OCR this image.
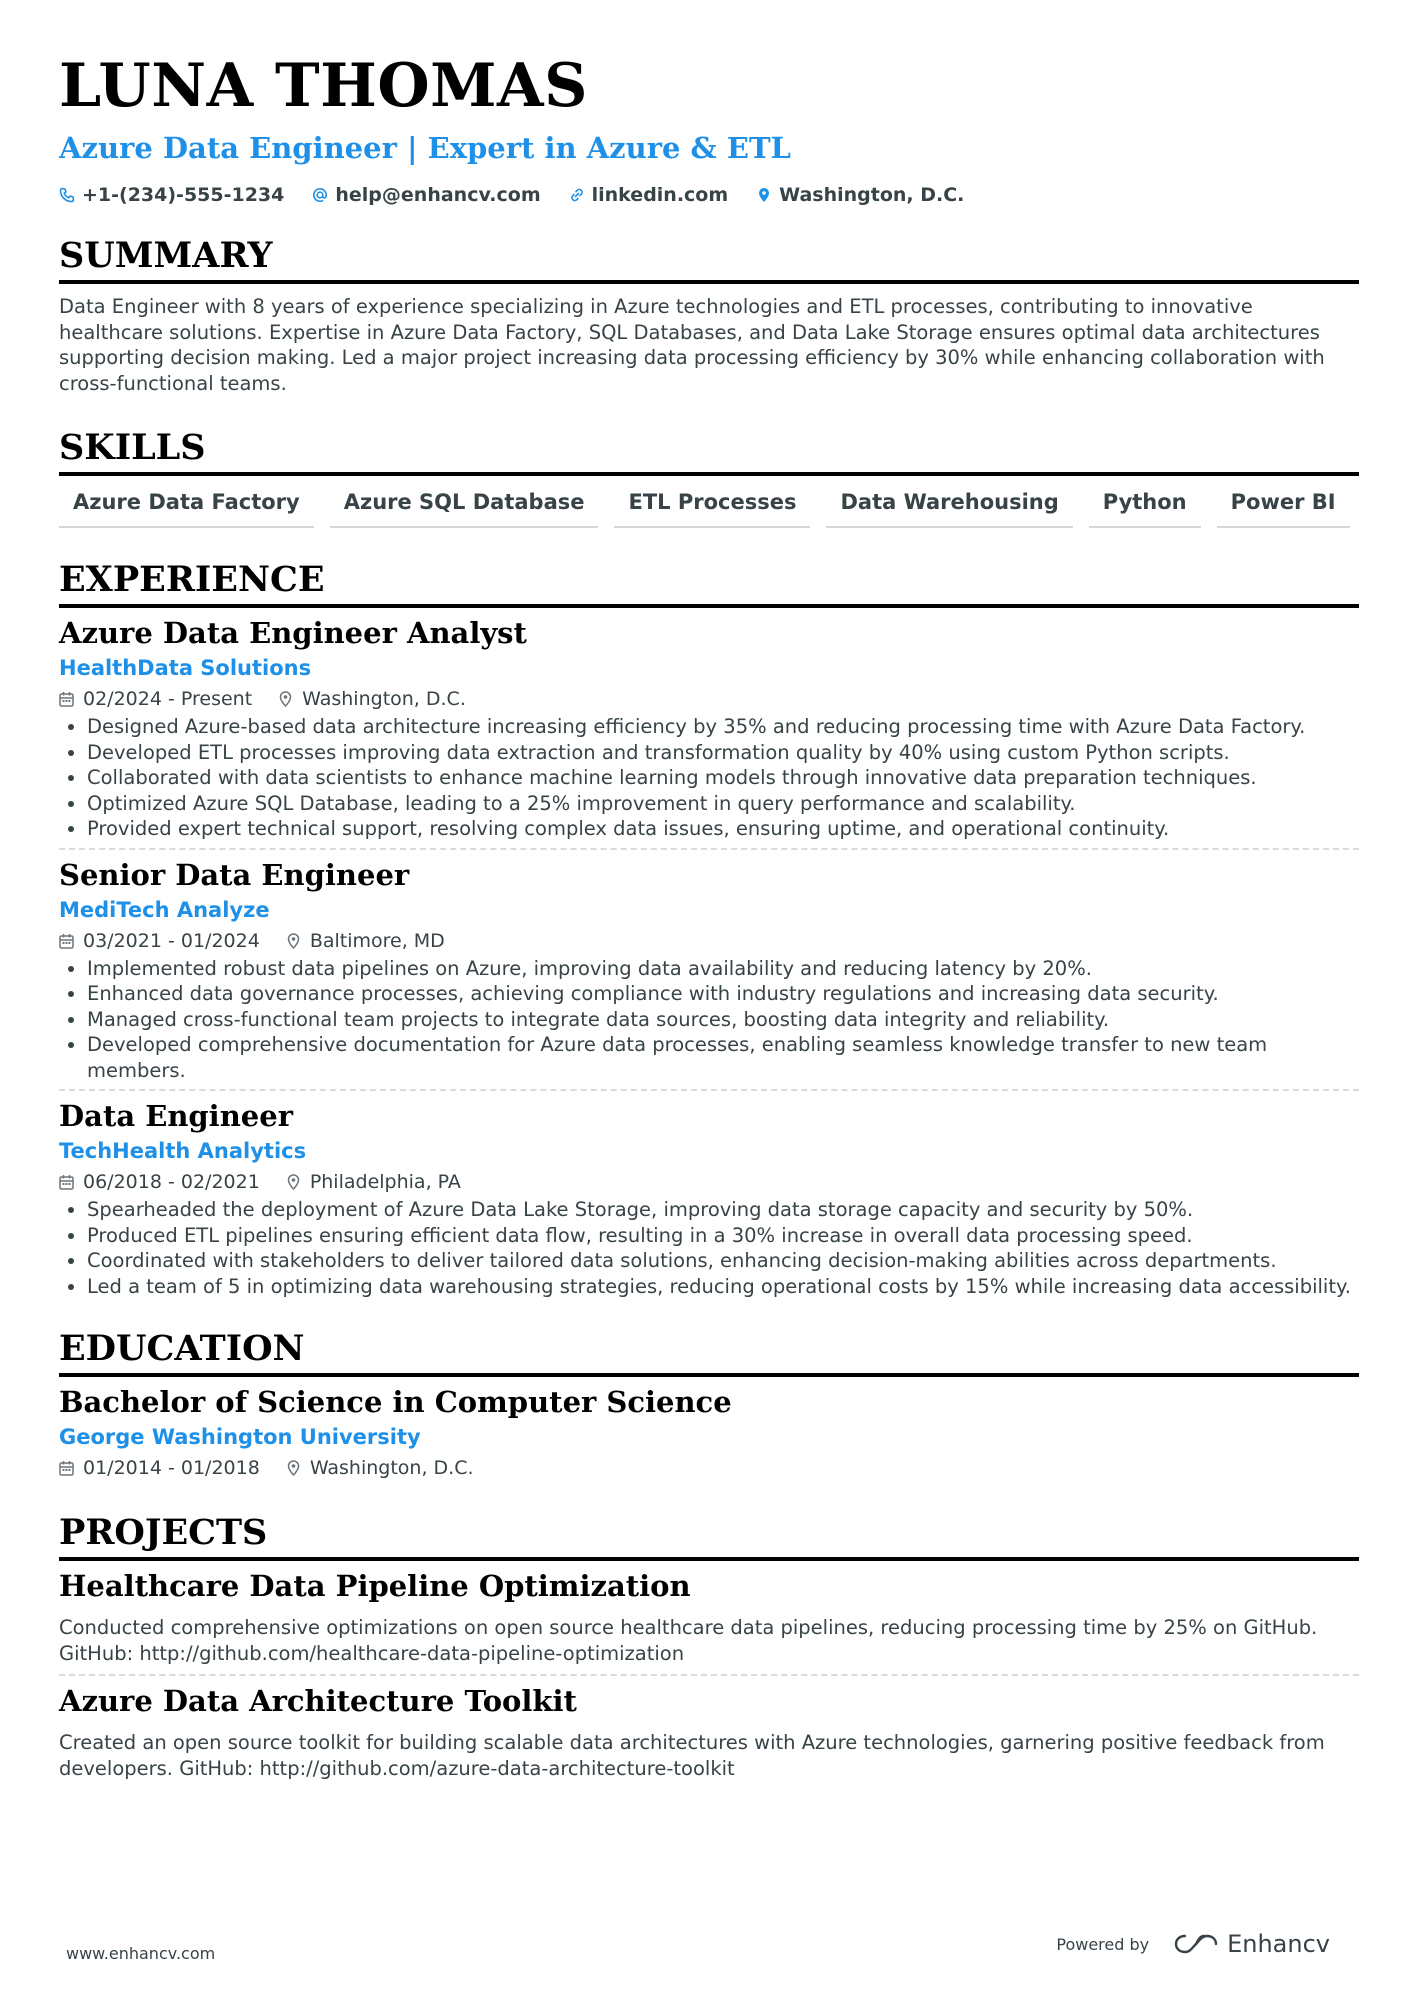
LUNA THOMAS
Azure Data Engineer | Expert in Azure & ETL
+1-(234)-555-1234	help@enhancv.com	linkedin.com	Washington, D.C.
SUMMARY

Data Engineer with 8 years of experience specializing in Azure technologies and ETL processes, contributing to innovative healthcare solutions. Expertise in Azure Data Factory, SQL Databases, and Data Lake Storage ensures optimal data architectures supporting decision making. Led a major project increasing data processing efficiency by 30% while enhancing collaboration with cross-functional teams.

SKILLS
Azure Data Factory	Azure SQL Database	ETL Processes	Data Warehousing	Python	Power BI
EXPERIENCE
Azure Data Engineer Analyst
HealthData Solutions
02/2024 - Present	Washington, D.C.
• Designed Azure-based data architecture increasing efficiency by 35% and reducing processing time with Azure Data Factory.
• Developed ETL processes improving data extraction and transformation quality by 40% using custom Python scripts.
• Collaborated with data scientists to enhance machine learning models through innovative data preparation techniques.
• Optimized Azure SQL Database, leading to a 25% improvement in query performance and scalability.
• Provided expert technical support, resolving complex data issues, ensuring uptime, and operational continuity.
Senior Data Engineer
MediTech Analyze
03/2021 - 01/2024	Baltimore, MD
• Implemented robust data pipelines on Azure, improving data availability and reducing latency by 20%.
• Enhanced data governance processes, achieving compliance with industry regulations and increasing data security.
• Managed cross-functional team projects to integrate data sources, boosting data integrity and reliability.
• Developed comprehensive documentation for Azure data processes, enabling seamless knowledge transfer to new team members.
Data Engineer
TechHealth Analytics
06/2018 - 02/2021	Philadelphia, PA
• Spearheaded the deployment of Azure Data Lake Storage, improving data storage capacity and security by 50%.
• Produced ETL pipelines ensuring efficient data flow, resulting in a 30% increase in overall data processing speed.
• Coordinated with stakeholders to deliver tailored data solutions, enhancing decision-making abilities across departments.
• Led a team of 5 in optimizing data warehousing strategies, reducing operational costs by 15% while increasing data accessibility.
EDUCATION
Bachelor of Science in Computer Science
George Washington University
01/2014 - 01/2018	Washington, D.C.
PROJECTS
Healthcare Data Pipeline Optimization

Conducted comprehensive optimizations on open source healthcare data pipelines, reducing processing time by 25% on GitHub. GitHub: http://github.com/healthcare-data-pipeline-optimization

Azure Data Architecture Toolkit

Created an open source toolkit for building scalable data architectures with Azure technologies, garnering positive feedback from developers. GitHub: http://github.com/azure-data-architecture-toolkit

www.enhancv.com	Powered by	Enhancv
